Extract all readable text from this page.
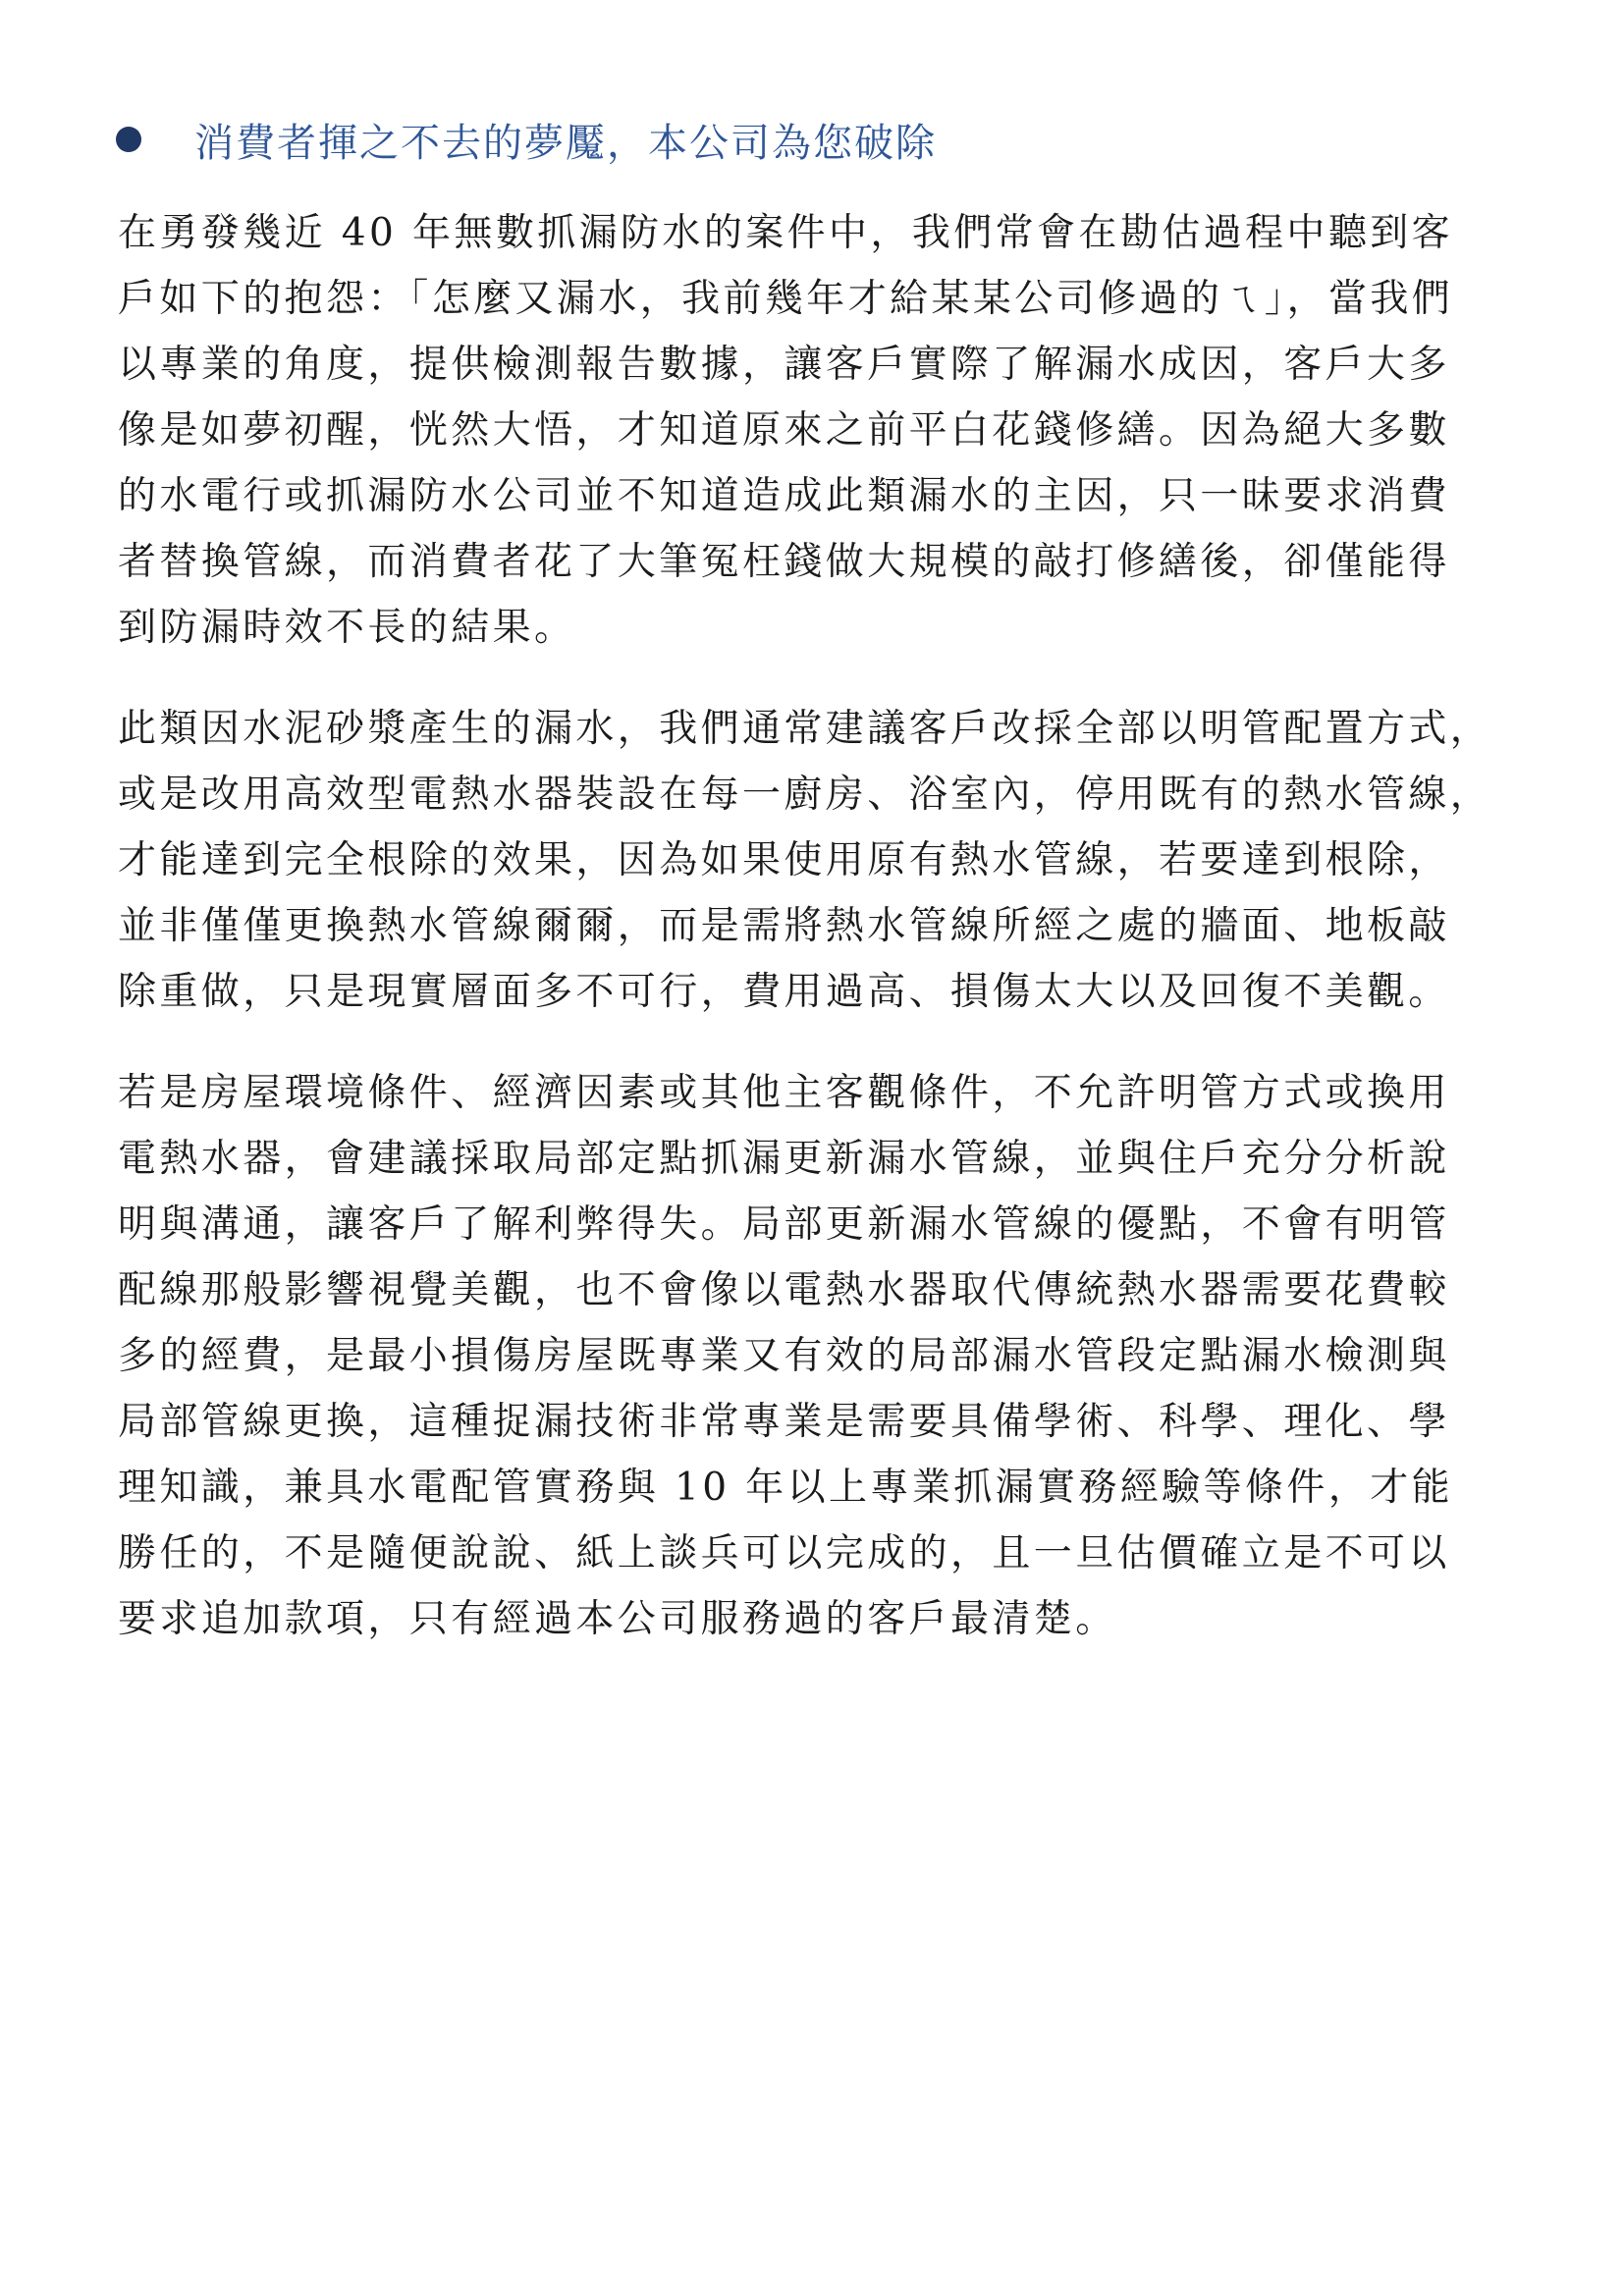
消費者揮之不去的夢魘，本公司為您破除
在勇發幾近 40 年無數抓漏防水的案件中，我們常會在勘估過程中聽到客
戶如下的抱怨：「怎麼又漏水，我前幾年才給某某公司修過的ㄟ」，當我們
以專業的角度，提供檢測報告數據，讓客戶實際了解漏水成因，客戶大多
像是如夢初醒，恍然大悟，才知道原來之前平白花錢修繕。因為絕大多數
的水電行或抓漏防水公司並不知道造成此類漏水的主因，只一昧要求消費
者替換管線，而消費者花了大筆冤枉錢做大規模的敲打修繕後，卻僅能得
到防漏時效不長的結果。
此類因水泥砂漿產生的漏水，我們通常建議客戶改採全部以明管配置方式，
或是改用高效型電熱水器裝設在每一廚房、浴室內，停用既有的熱水管線，
才能達到完全根除的效果，因為如果使用原有熱水管線，若要達到根除，
並非僅僅更換熱水管線爾爾，而是需將熱水管線所經之處的牆面、地板敲
除重做，只是現實層面多不可行，費用過高、損傷太大以及回復不美觀。
若是房屋環境條件、經濟因素或其他主客觀條件，不允許明管方式或換用
電熱水器，會建議採取局部定點抓漏更新漏水管線，並與住戶充分分析說
明與溝通，讓客戶了解利弊得失。局部更新漏水管線的優點，不會有明管
配線那般影響視覺美觀，也不會像以電熱水器取代傳統熱水器需要花費較
多的經費，是最小損傷房屋既專業又有效的局部漏水管段定點漏水檢測與
局部管線更換，這種捉漏技術非常專業是需要具備學術、科學、理化、學
理知識，兼具水電配管實務與 10 年以上專業抓漏實務經驗等條件，才能
勝任的，不是隨便說說、紙上談兵可以完成的，且一旦估價確立是不可以
要求追加款項，只有經過本公司服務過的客戶最清楚。
